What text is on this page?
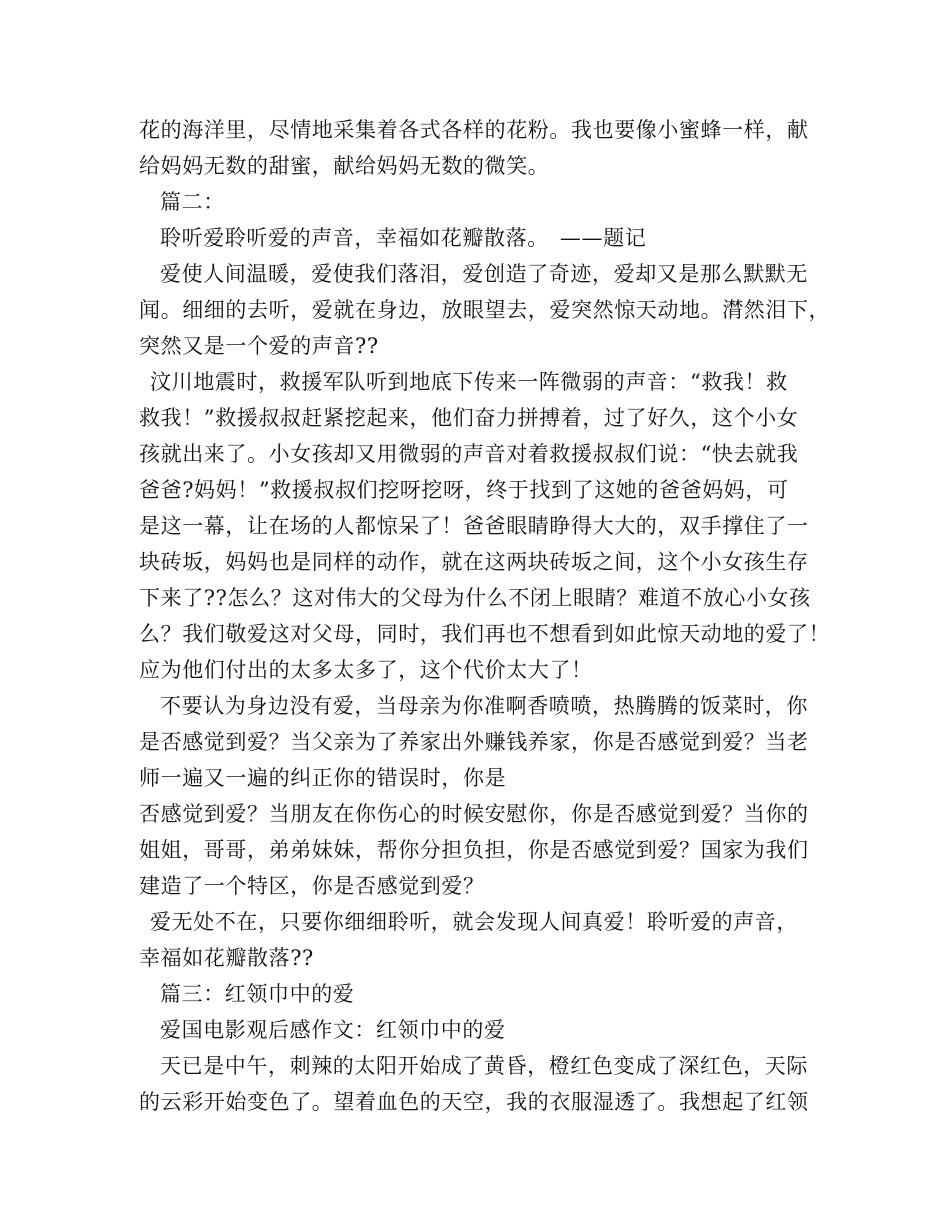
花的海洋里，尽情地采集着各式各样的花粉。我也要像小蜜蜂一样，献
给妈妈无数的甜蜜，献给妈妈无数的微笑。
篇二：
聆听爱聆听爱的声音，幸福如花瓣散落。　——题记
爱使人间温暖，爱使我们落泪，爱创造了奇迹，爱却又是那么默默无
闻。细细的去听，爱就在身边，放眼望去，爱突然惊天动地。潸然泪下，
突然又是一个爱的声音??
汶川地震时，救援军队听到地底下传来一阵微弱的声音：“救我！救
救我！”救援叔叔赶紧挖起来，他们奋力拼搏着，过了好久，这个小女
孩就出来了。小女孩却又用微弱的声音对着救援叔叔们说：“快去就我
爸爸?妈妈！”救援叔叔们挖呀挖呀，终于找到了这她的爸爸妈妈，可
是这一幕，让在场的人都惊呆了！爸爸眼睛睁得大大的，双手撑住了一
块砖坂，妈妈也是同样的动作，就在这两块砖坂之间，这个小女孩生存
下来了??怎么？这对伟大的父母为什么不闭上眼睛？难道不放心小女孩
么？我们敬爱这对父母，同时，我们再也不想看到如此惊天动地的爱了！
应为他们付出的太多太多了，这个代价太大了！
不要认为身边没有爱，当母亲为你准啊香喷喷，热腾腾的饭菜时，你
是否感觉到爱？当父亲为了养家出外赚钱养家，你是否感觉到爱？当老
师一遍又一遍的纠正你的错误时，你是
否感觉到爱？当朋友在你伤心的时候安慰你，你是否感觉到爱？当你的
姐姐，哥哥，弟弟妹妹，帮你分担负担，你是否感觉到爱？国家为我们
建造了一个特区，你是否感觉到爱？
爱无处不在，只要你细细聆听，就会发现人间真爱！聆听爱的声音，
幸福如花瓣散落??
篇三：红领巾中的爱
爱国电影观后感作文：红领巾中的爱
天已是中午，刺辣的太阳开始成了黄昏，橙红色变成了深红色，天际
的云彩开始变色了。望着血色的天空，我的衣服湿透了。我想起了红领
